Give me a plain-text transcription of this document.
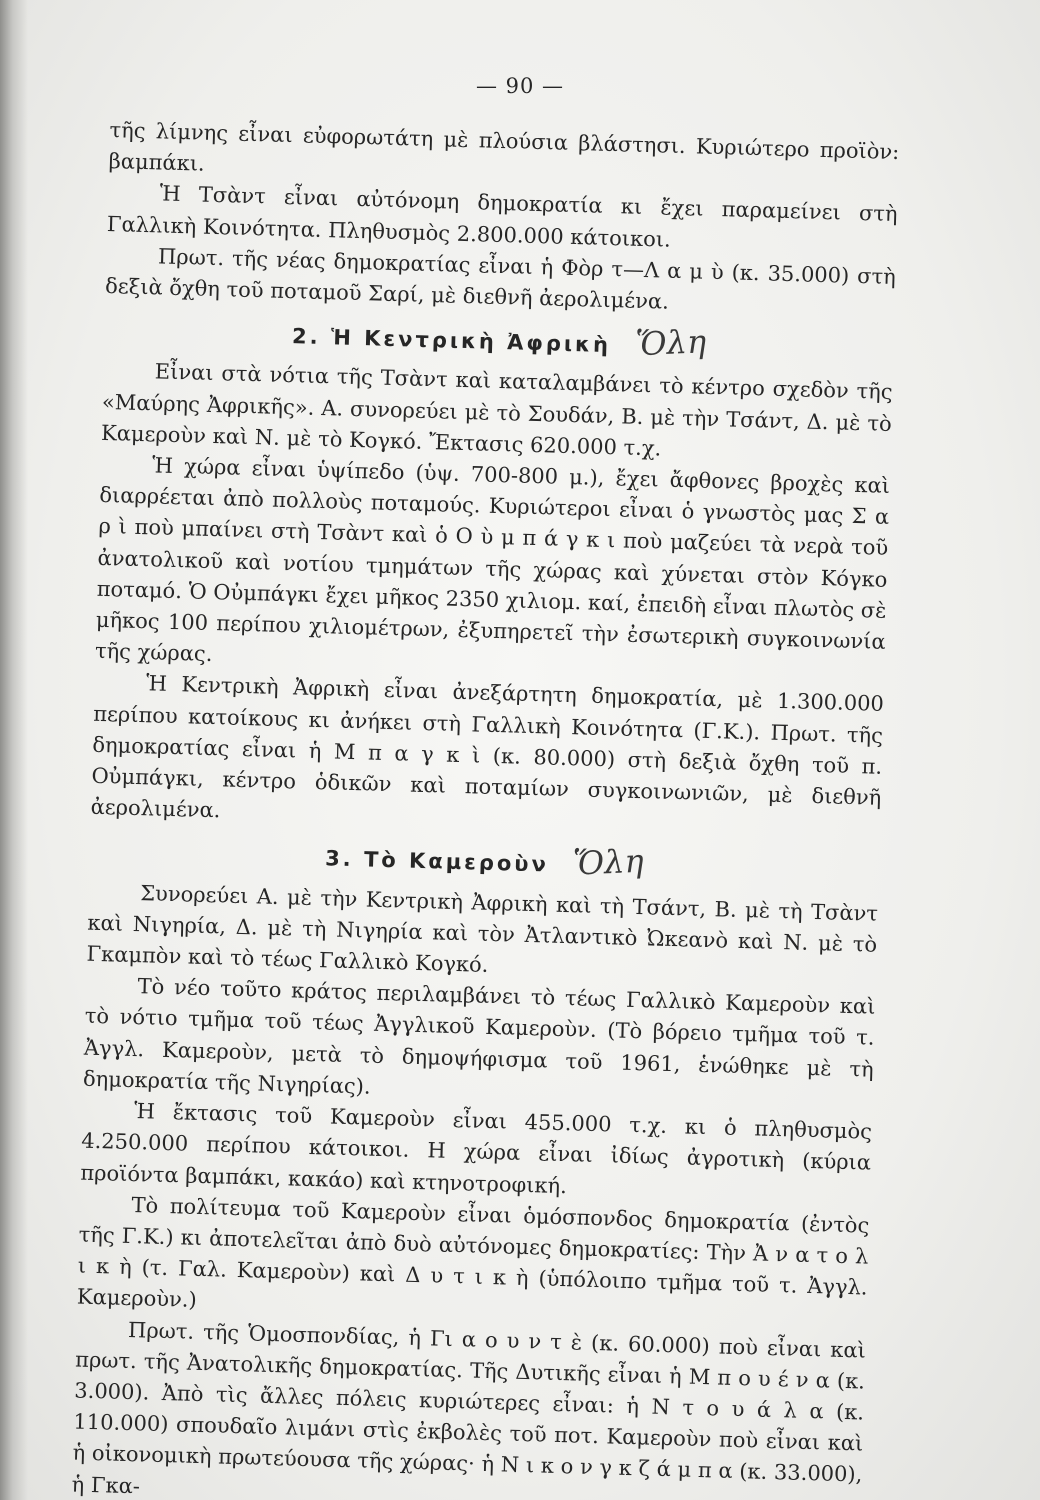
— 90 —

τῆς λίμνης εἶναι εὐφορωτάτη μὲ πλούσια βλάστησι. Κυριώτερο προϊὸν: βαμπάκι.

Ἡ Τσὰντ εἶναι αὐτόνομη δημοκρατία κι ἔχει παραμείνει στὴ Γαλλικὴ Κοινότητα. Πληθυσμὸς 2.800.000 κάτοικοι.

Πρωτ. τῆς νέας δημοκρατίας εἶναι ἡ Φὸρ τ—Λ α μ ὺ (κ. 35.000) στὴ δεξιὰ ὄχθη τοῦ ποταμοῦ Σαρί, μὲ διεθνῆ ἀερολιμένα.

2. Ἡ Κεντρικὴ Ἀφρικὴ Ὅλη

Εἶναι στὰ νότια τῆς Τσὰντ καὶ καταλαμβάνει τὸ κέντρο σχεδὸν τῆς «Μαύρης Ἀφρικῆς». Α. συνορεύει μὲ τὸ Σουδάν, Β. μὲ τὴν Τσάντ, Δ. μὲ τὸ Καμεροὺν καὶ Ν. μὲ τὸ Κογκό. Ἔκτασις 620.000 τ.χ.

Ἡ χώρα εἶναι ὑψίπεδο (ὑψ. 700-800 μ.), ἔχει ἄφθονες βροχὲς καὶ διαρρέεται ἀπὸ πολλοὺς ποταμούς. Κυριώτεροι εἶναι ὁ γνωστὸς μας Σ α ρ ὶ ποὺ μπαίνει στὴ Τσὰντ καὶ ὁ Ο ὺ μ π ά γ κ ι ποὺ μαζεύει τὰ νερὰ τοῦ ἀνατολικοῦ καὶ νοτίου τμημάτων τῆς χώρας καὶ χύνεται στὸν Κόγκο ποταμό. Ὁ Οὐμπάγκι ἔχει μῆκος 2350 χιλιομ. καί, ἐπειδὴ εἶναι πλωτὸς σὲ μῆκος 100 περίπου χιλιομέτρων, ἐξυπηρετεῖ τὴν ἐσωτερικὴ συγκοινωνία τῆς χώρας.

Ἡ Κεντρικὴ Ἀφρικὴ εἶναι ἀνεξάρτητη δημοκρατία, μὲ 1.300.000 περίπου κατοίκους κι ἀνήκει στὴ Γαλλικὴ Κοινότητα (Γ.Κ.). Πρωτ. τῆς δημοκρατίας εἶναι ἡ Μ π α γ κ ὶ (κ. 80.000) στὴ δεξιὰ ὄχθη τοῦ π. Οὐμπάγκι, κέντρο ὁδικῶν καὶ ποταμίων συγκοινωνιῶν, μὲ διεθνῆ ἀερολιμένα.

3. Τὸ Καμεροὺν Ὅλη

Συνορεύει Α. μὲ τὴν Κεντρικὴ Ἀφρικὴ καὶ τὴ Τσάντ, Β. μὲ τὴ Τσὰντ καὶ Νιγηρία, Δ. μὲ τὴ Νιγηρία καὶ τὸν Ἀτλαντικὸ Ὠκεανὸ καὶ Ν. μὲ τὸ Γκαμπὸν καὶ τὸ τέως Γαλλικὸ Κογκό.

Τὸ νέο τοῦτο κράτος περιλαμβάνει τὸ τέως Γαλλικὸ Καμεροὺν καὶ τὸ νότιο τμῆμα τοῦ τέως Ἀγγλικοῦ Καμεροὺν. (Τὸ βόρειο τμῆμα τοῦ τ. Ἀγγλ. Καμεροὺν, μετὰ τὸ δημοψήφισμα τοῦ 1961, ἑνώθηκε μὲ τὴ δημοκρατία τῆς Νιγηρίας).

Ἡ ἔκτασις τοῦ Καμεροὺν εἶναι 455.000 τ.χ. κι ὁ πληθυσμὸς 4.250.000 περίπου κάτοικοι. Η χώρα εἶναι ἰδίως ἀγροτικὴ (κύρια προϊόντα βαμπάκι, κακάο) καὶ κτηνοτροφική.

Τὸ πολίτευμα τοῦ Καμεροὺν εἶναι ὁμόσπονδος δημοκρατία (ἐντὸς τῆς Γ.Κ.) κι ἀποτελεῖται ἀπὸ δυὸ αὐτόνομες δημοκρατίες: Τὴν Ἀ ν α τ ο λ ι κ ὴ (τ. Γαλ. Καμεροὺν) καὶ Δ υ τ ι κ ὴ (ὑπόλοιπο τμῆμα τοῦ τ. Ἀγγλ. Καμεροὺν.)

Πρωτ. τῆς Ὁμοσπονδίας, ἡ Γι α ο υ ν τ ὲ (κ. 60.000) ποὺ εἶναι καὶ πρωτ. τῆς Ἀνατολικῆς δημοκρατίας. Τῆς Δυτικῆς εἶναι ἡ Μ π ο υ έ ν α (κ. 3.000). Ἀπὸ τὶς ἄλλες πόλεις κυριώτερες εἶναι: ἡ Ν τ ο υ ά λ α (κ. 110.000) σπουδαῖο λιμάνι στὶς ἐκβολὲς τοῦ ποτ. Καμεροὺν ποὺ εἶναι καὶ ἡ οἰκονομικὴ πρωτεύουσα τῆς χώρας· ἡ Ν ι κ ο ν γ κ ζ ά μ π α (κ. 33.000), ἡ Γκα-
